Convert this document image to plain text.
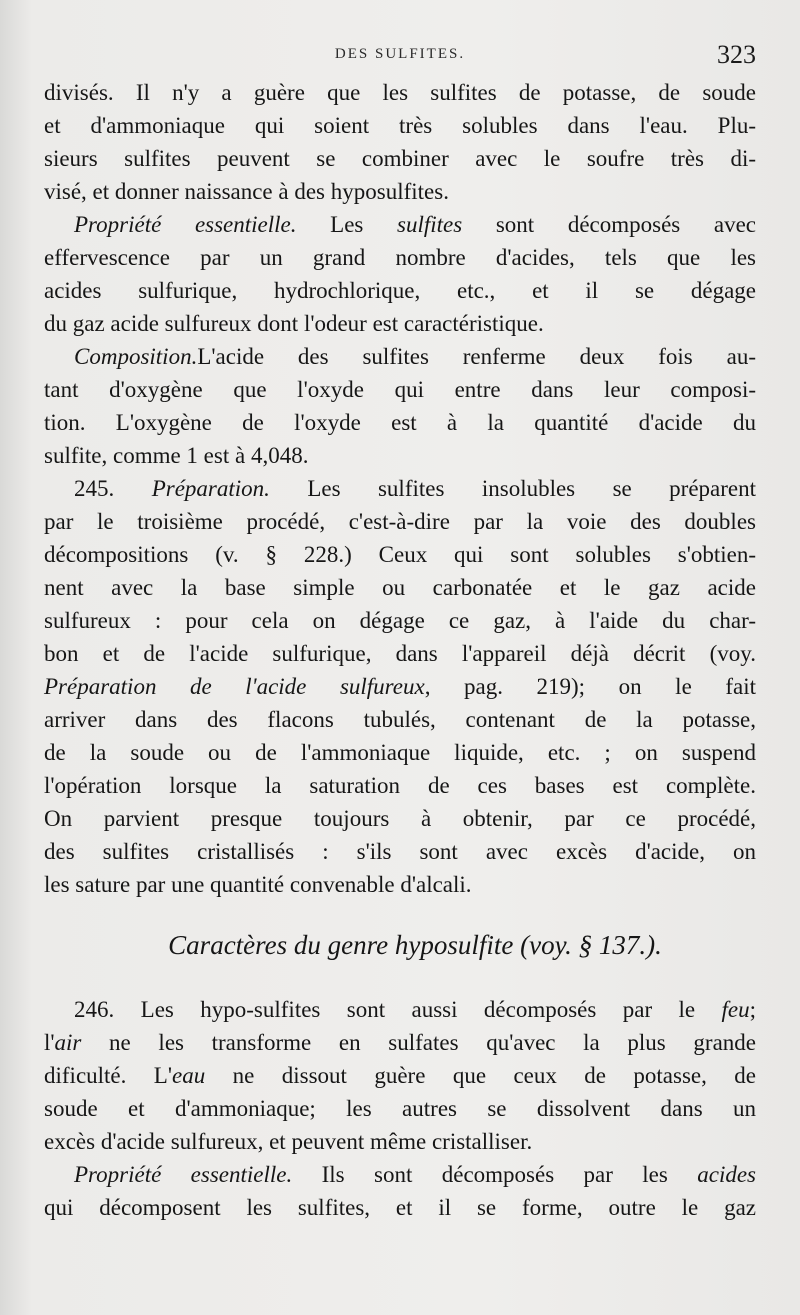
DES SULFITES.	323
divisés. Il n'y a guère que les sulfites de potasse, de soude
et d'ammoniaque qui soient très solubles dans l'eau. Plu-
sieurs sulfites peuvent se combiner avec le soufre très di-
visé, et donner naissance à des hyposulfites.
Propriété essentielle. Les sulfites sont décomposés avec
effervescence par un grand nombre d'acides, tels que les
acides sulfurique, hydrochlorique, etc., et il se dégage
du gaz acide sulfureux dont l'odeur est caractéristique.
Composition.L'acide des sulfites renferme deux fois au-
tant d'oxygène que l'oxyde qui entre dans leur composi-
tion. L'oxygène de l'oxyde est à la quantité d'acide du
sulfite, comme 1 est à 4,048.
245. Préparation. Les sulfites insolubles se préparent
par le troisième procédé, c'est-à-dire par la voie des doubles
décompositions (v. § 228.) Ceux qui sont solubles s'obtien-
nent avec la base simple ou carbonatée et le gaz acide
sulfureux : pour cela on dégage ce gaz, à l'aide du char-
bon et de l'acide sulfurique, dans l'appareil déjà décrit (voy.
Préparation de l'acide sulfureux, pag. 219); on le fait
arriver dans des flacons tubulés, contenant de la potasse,
de la soude ou de l'ammoniaque liquide, etc. ; on suspend
l'opération lorsque la saturation de ces bases est complète.
On parvient presque toujours à obtenir, par ce procédé,
des sulfites cristallisés : s'ils sont avec excès d'acide, on
les sature par une quantité convenable d'alcali.
Caractères du genre hyposulfite (voy. § 137.).
246. Les hypo-sulfites sont aussi décomposés par le feu;
l'air ne les transforme en sulfates qu'avec la plus grande
dificulté. L'eau ne dissout guère que ceux de potasse, de
soude et d'ammoniaque; les autres se dissolvent dans un
excès d'acide sulfureux, et peuvent même cristalliser.
Propriété essentielle. Ils sont décomposés par les acides
qui décomposent les sulfites, et il se forme, outre le gaz
